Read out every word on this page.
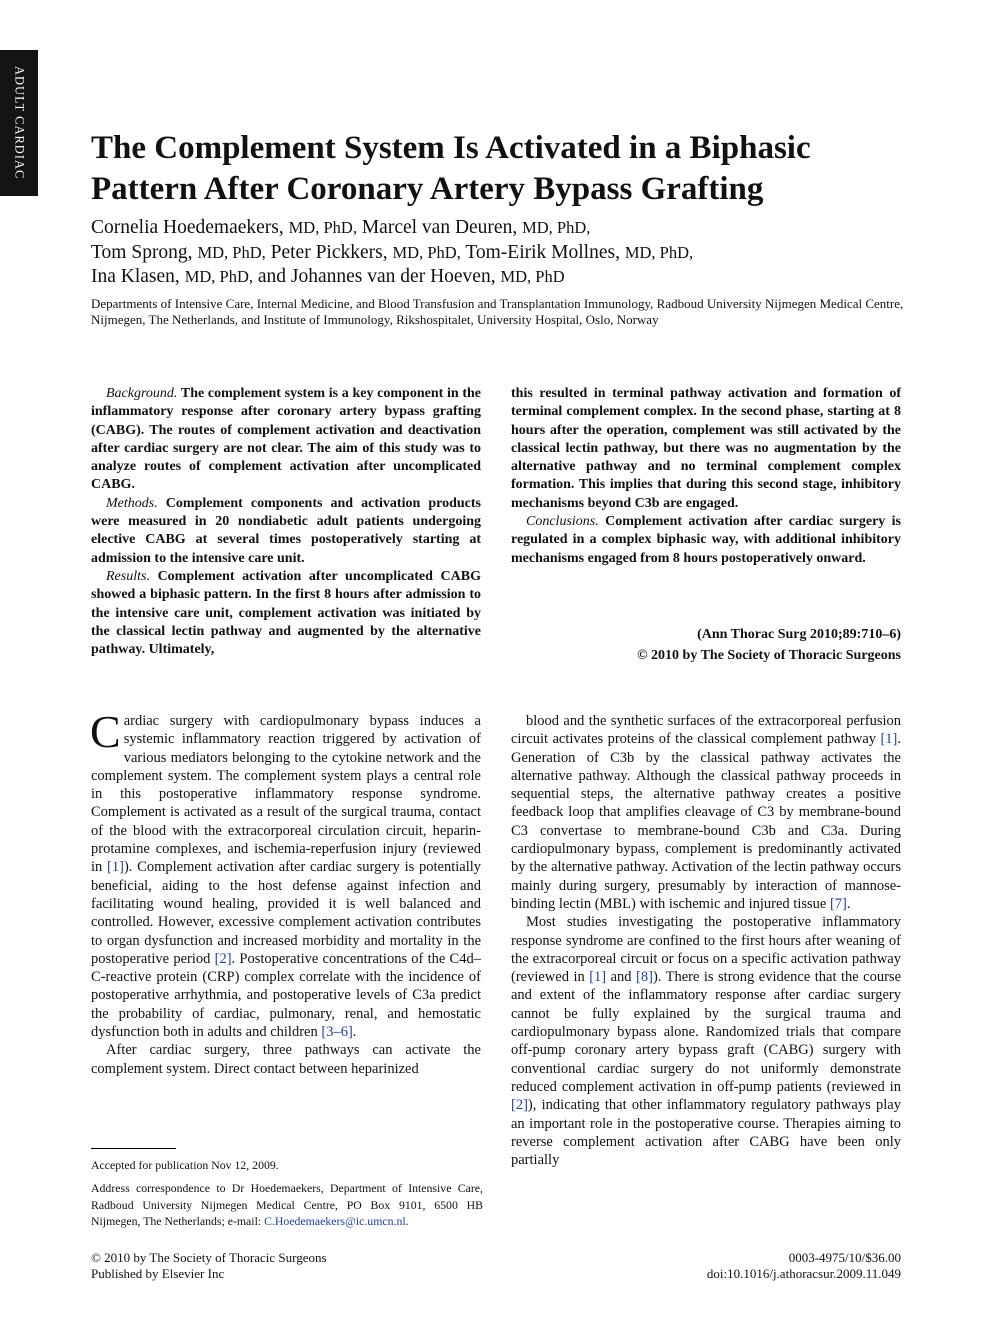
ADULT CARDIAC The Complement System Is Activated in a Biphasic Pattern After Coronary Artery Bypass Grafting
Cornelia Hoedemaekers, MD, PhD, Marcel van Deuren, MD, PhD,
Tom Sprong, MD, PhD, Peter Pickkers, MD, PhD, Tom-Eirik Mollnes, MD, PhD,
Ina Klasen, MD, PhD, and Johannes van der Hoeven, MD, PhD
Departments of Intensive Care, Internal Medicine, and Blood Transfusion and Transplantation Immunology, Radboud University Nijmegen Medical Centre, Nijmegen, The Netherlands, and Institute of Immunology, Rikshospitalet, University Hospital, Oslo, Norway

Background. The complement system is a key component in the inflammatory response after coronary artery bypass grafting (CABG). The routes of complement activation and deactivation after cardiac surgery are not clear. The aim of this study was to analyze routes of complement activation after uncomplicated CABG.

Methods. Complement components and activation products were measured in 20 nondiabetic adult patients undergoing elective CABG at several times postoperatively starting at admission to the intensive care unit.

Results. Complement activation after uncomplicated CABG showed a biphasic pattern. In the first 8 hours after admission to the intensive care unit, complement activation was initiated by the classical lectin pathway and augmented by the alternative pathway. Ultimately,

this resulted in terminal pathway activation and formation of terminal complement complex. In the second phase, starting at 8 hours after the operation, complement was still activated by the classical lectin pathway, but there was no augmentation by the alternative pathway and no terminal complement complex formation. This implies that during this second stage, inhibitory mechanisms beyond C3b are engaged.

Conclusions. Complement activation after cardiac surgery is regulated in a complex biphasic way, with additional inhibitory mechanisms engaged from 8 hours postoperatively onward.

(Ann Thorac Surg 2010;89:710–6)
© 2010 by The Society of Thoracic Surgeons

Cardiac surgery with cardiopulmonary bypass induces a systemic inflammatory reaction triggered by activation of various mediators belonging to the cytokine network and the complement system. The complement system plays a central role in this postoperative inflammatory response syndrome. Complement is activated as a result of the surgical trauma, contact of the blood with the extracorporeal circulation circuit, heparin-protamine complexes, and ischemia-reperfusion injury (reviewed in [1]). Complement activation after cardiac surgery is potentially beneficial, aiding to the host defense against infection and facilitating wound healing, provided it is well balanced and controlled. However, excessive complement activation contributes to organ dysfunction and increased morbidity and mortality in the postoperative period [2]. Postoperative concentrations of the C4d–C-reactive protein (CRP) complex correlate with the incidence of postoperative arrhythmia, and postoperative levels of C3a predict the probability of cardiac, pulmonary, renal, and hemostatic dysfunction both in adults and children [3–6].

After cardiac surgery, three pathways can activate the complement system. Direct contact between heparinized

blood and the synthetic surfaces of the extracorporeal perfusion circuit activates proteins of the classical complement pathway [1]. Generation of C3b by the classical pathway activates the alternative pathway. Although the classical pathway proceeds in sequential steps, the alternative pathway creates a positive feedback loop that amplifies cleavage of C3 by membrane-bound C3 convertase to membrane-bound C3b and C3a. During cardiopulmonary bypass, complement is predominantly activated by the alternative pathway. Activation of the lectin pathway occurs mainly during surgery, presumably by interaction of mannose-binding lectin (MBL) with ischemic and injured tissue [7].

Most studies investigating the postoperative inflammatory response syndrome are confined to the first hours after weaning of the extracorporeal circuit or focus on a specific activation pathway (reviewed in [1] and [8]). There is strong evidence that the course and extent of the inflammatory response after cardiac surgery cannot be fully explained by the surgical trauma and cardiopulmonary bypass alone. Randomized trials that compare off-pump coronary artery bypass graft (CABG) surgery with conventional cardiac surgery do not uniformly demonstrate reduced complement activation in off-pump patients (reviewed in [2]), indicating that other inflammatory regulatory pathways play an important role in the postoperative course. Therapies aiming to reverse complement activation after CABG have been only partially

Accepted for publication Nov 12, 2009.
Address correspondence to Dr Hoedemaekers, Department of Intensive Care, Radboud University Nijmegen Medical Centre, PO Box 9101, 6500 HB Nijmegen, The Netherlands; e-mail: C.Hoedemaekers@ic.umcn.nl.
© 2010 by The Society of Thoracic Surgeons
Published by Elsevier Inc
0003-4975/10/$36.00
doi:10.1016/j.athoracsur.2009.11.049
